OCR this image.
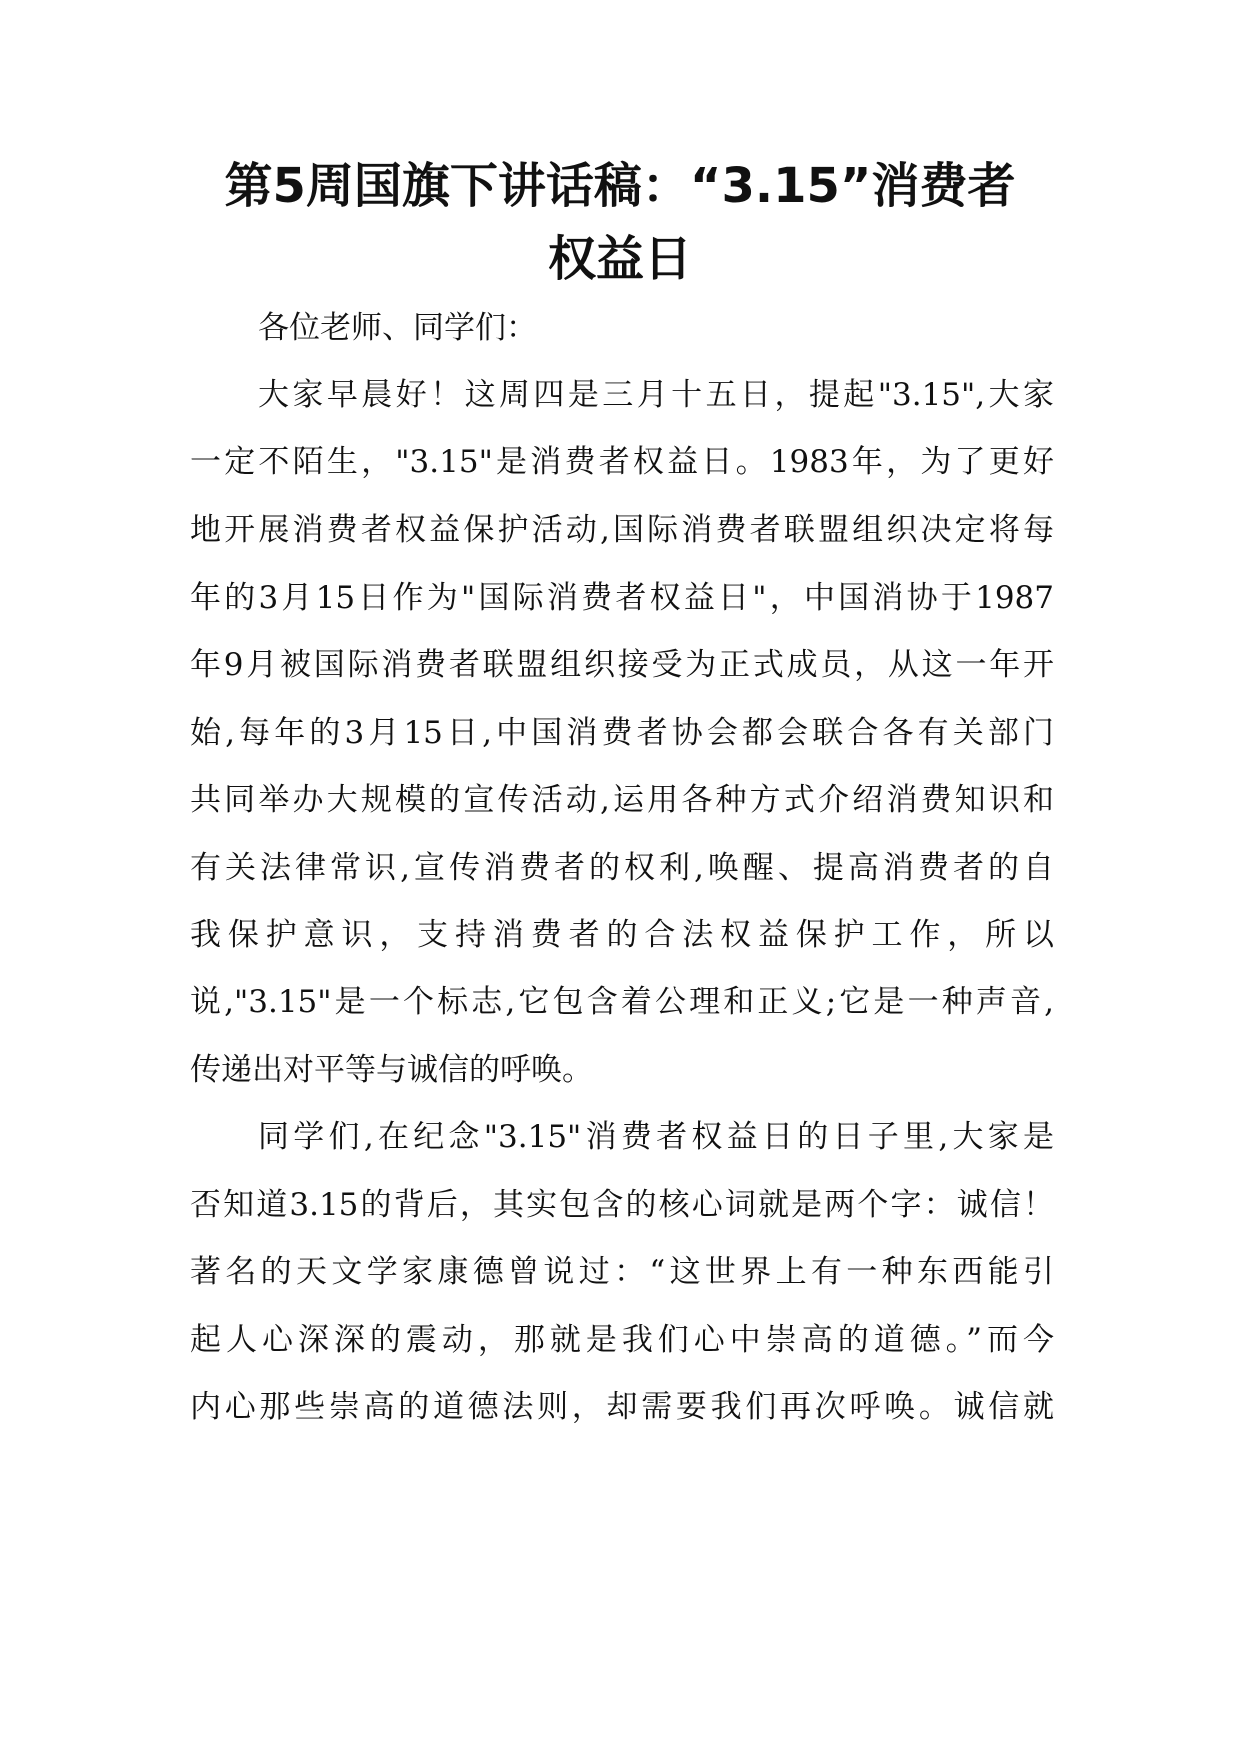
第5周国旗下讲话稿：“3.15”消费者
权益日
各位老师、同学们：
大家早晨好！这周四是三月十五日，提起"3.15",大家
一定不陌生，"3.15"是消费者权益日。1983年，为了更好
地开展消费者权益保护活动,国际消费者联盟组织决定将每
年的3月15日作为"国际消费者权益日"，中国消协于1987
年9月被国际消费者联盟组织接受为正式成员，从这一年开
始,每年的3月15日,中国消费者协会都会联合各有关部门
共同举办大规模的宣传活动,运用各种方式介绍消费知识和
有关法律常识,宣传消费者的权利,唤醒、提高消费者的自
我保护意识，支持消费者的合法权益保护工作，所以
说,"3.15"是一个标志,它包含着公理和正义;它是一种声音,
传递出对平等与诚信的呼唤。
同学们,在纪念"3.15"消费者权益日的日子里,大家是
否知道3.15的背后，其实包含的核心词就是两个字：诚信！
著名的天文学家康德曾说过：“这世界上有一种东西能引
起人心深深的震动，那就是我们心中崇高的道德。”而今
内心那些崇高的道德法则，却需要我们再次呼唤。诚信就
